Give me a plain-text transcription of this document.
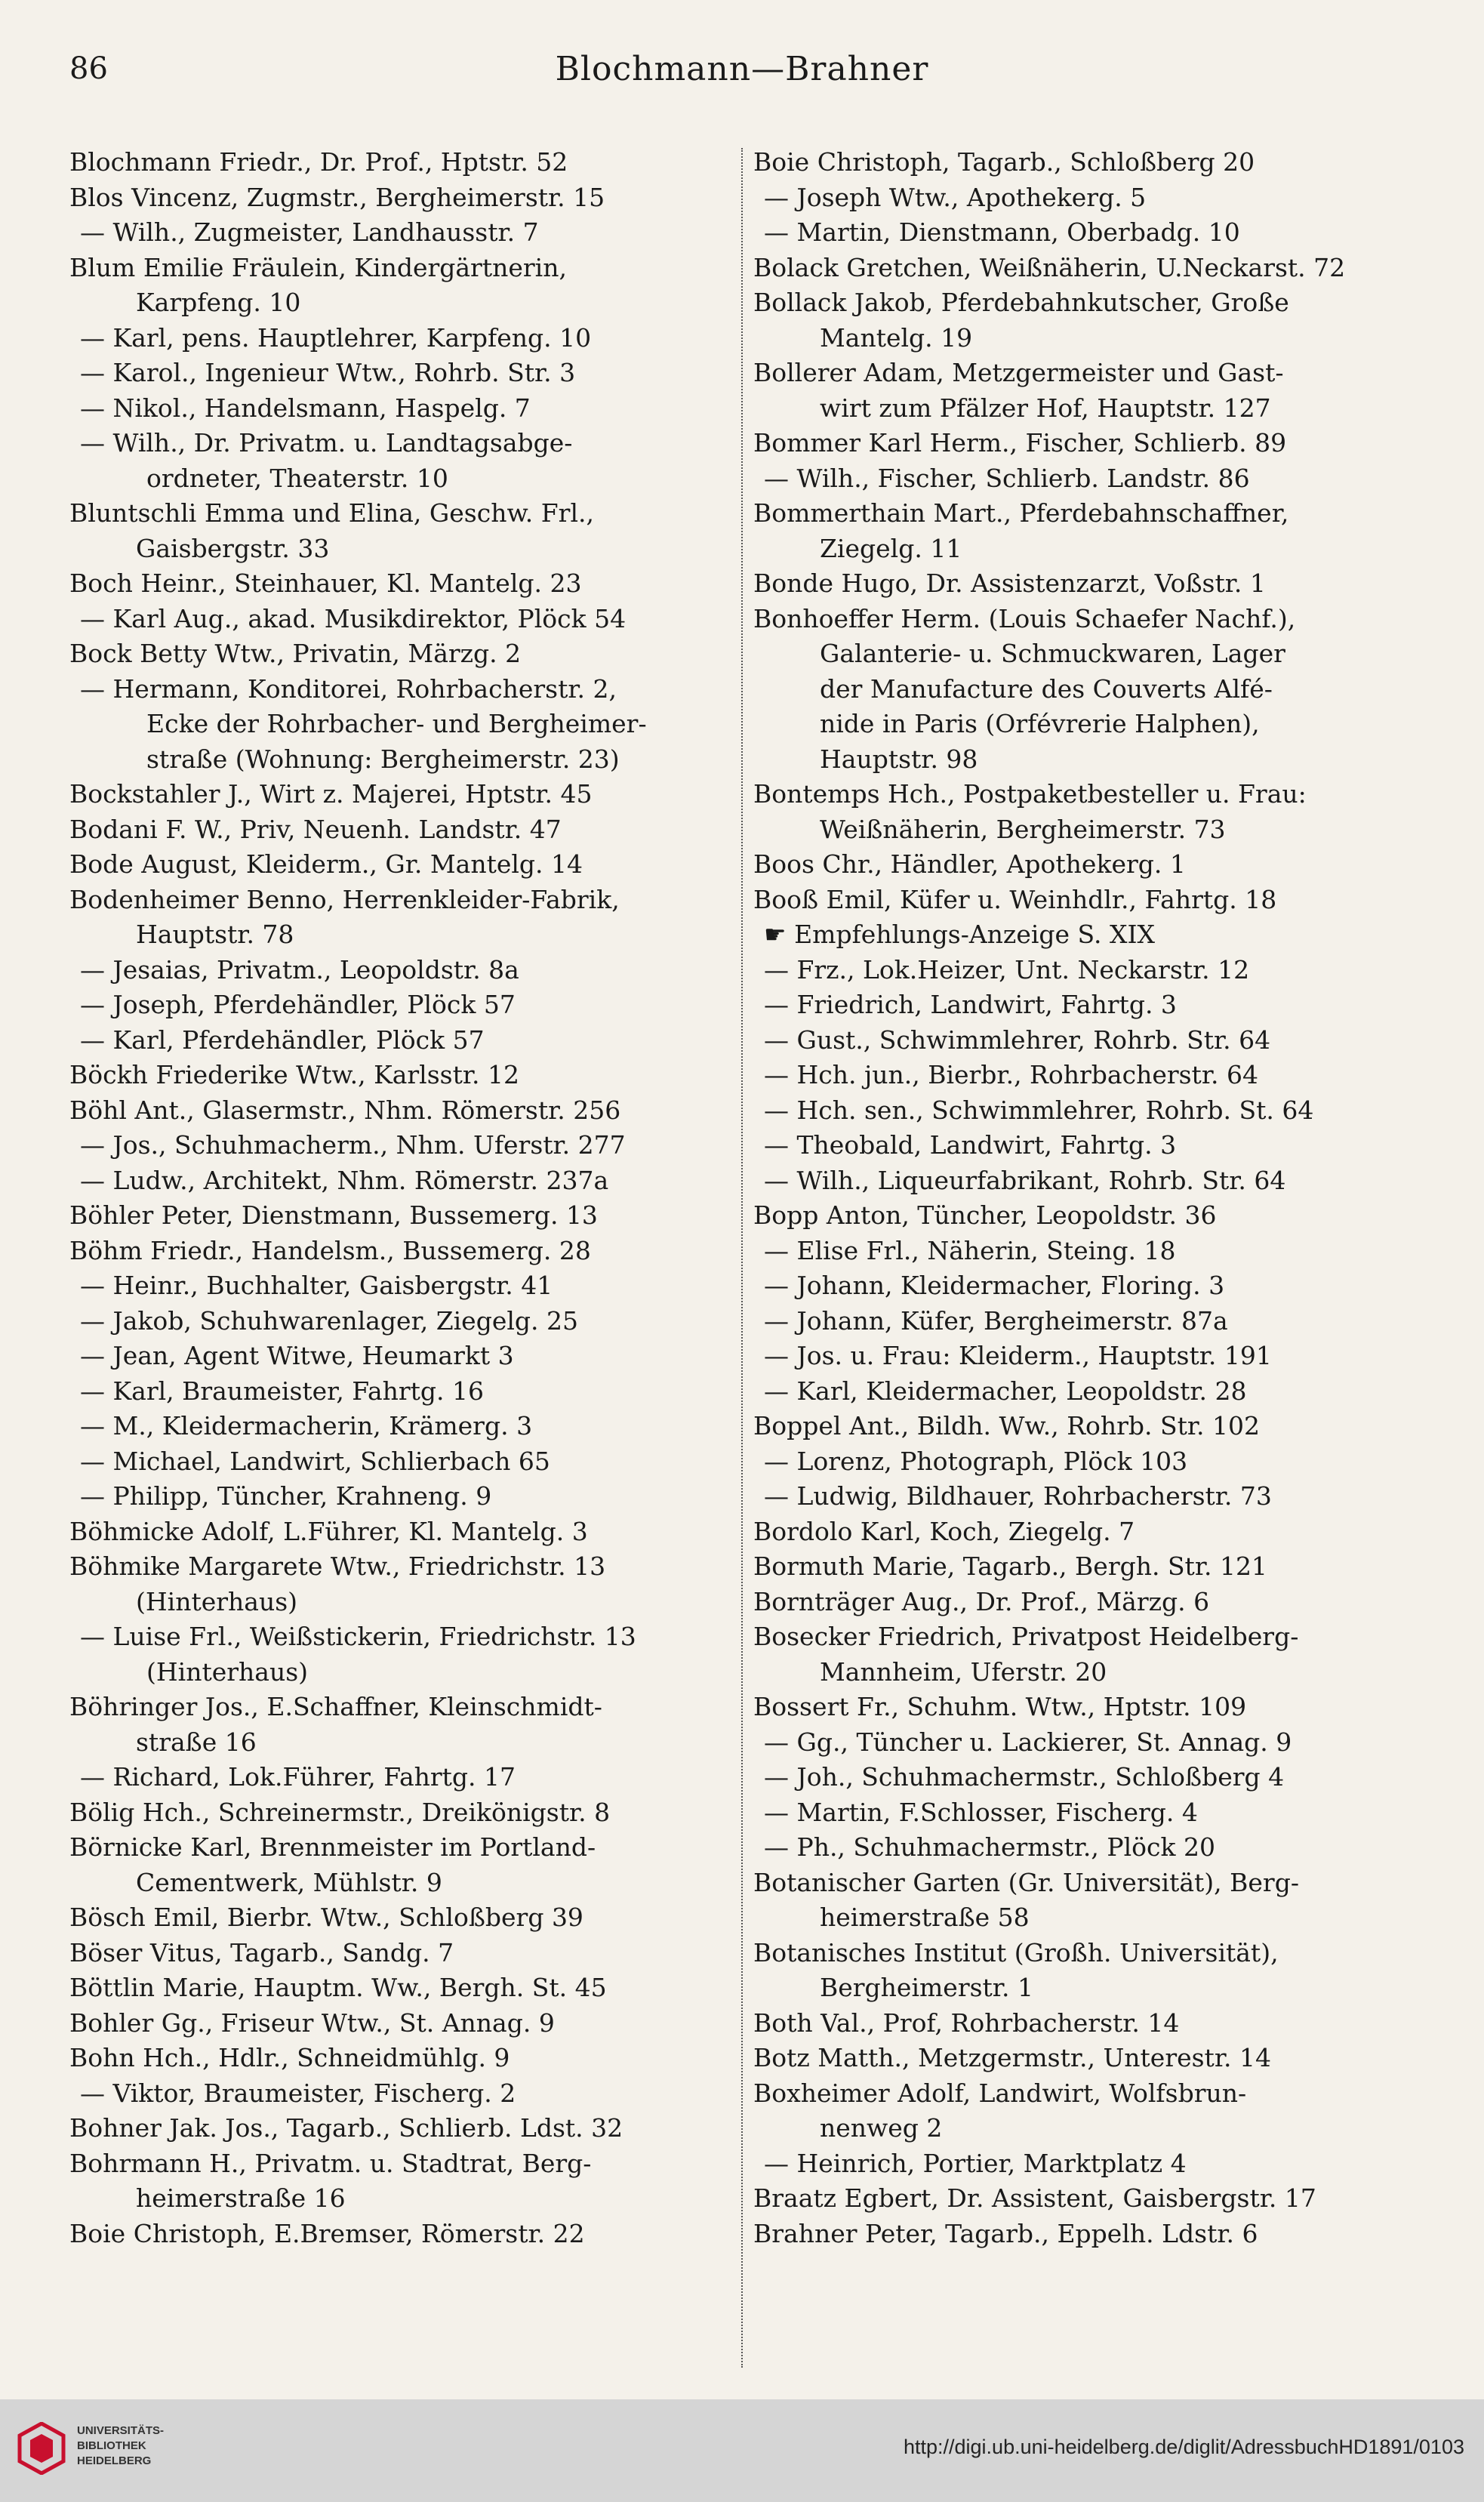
86	Blochmann—Brahner
Blochmann Friedr., Dr. Prof., Hptstr. 52
Blos Vincenz, Zugmstr., Bergheimerstr. 15
— Wilh., Zugmeister, Landhausstr. 7
Blum Emilie Fräulein, Kindergärtnerin,
Karpfeng. 10
— Karl, pens. Hauptlehrer, Karpfeng. 10
— Karol., Ingenieur Wtw., Rohrb. Str. 3
— Nikol., Handelsmann, Haspelg. 7
— Wilh., Dr. Privatm. u. Landtagsabge-
ordneter, Theaterstr. 10
Bluntschli Emma und Elina, Geschw. Frl.,
Gaisbergstr. 33
Boch Heinr., Steinhauer, Kl. Mantelg. 23
— Karl Aug., akad. Musikdirektor, Plöck 54
Bock Betty Wtw., Privatin, Märzg. 2
— Hermann, Konditorei, Rohrbacherstr. 2,
Ecke der Rohrbacher- und Bergheimer-
straße (Wohnung: Bergheimerstr. 23)
Bockstahler J., Wirt z. Majerei, Hptstr. 45
Bodani F. W., Priv, Neuenh. Landstr. 47
Bode August, Kleiderm., Gr. Mantelg. 14
Bodenheimer Benno, Herrenkleider-Fabrik,
Hauptstr. 78
— Jesaias, Privatm., Leopoldstr. 8a
— Joseph, Pferdehändler, Plöck 57
— Karl, Pferdehändler, Plöck 57
Böckh Friederike Wtw., Karlsstr. 12
Böhl Ant., Glasermstr., Nhm. Römerstr. 256
— Jos., Schuhmacherm., Nhm. Uferstr. 277
— Ludw., Architekt, Nhm. Römerstr. 237a
Böhler Peter, Dienstmann, Bussemerg. 13
Böhm Friedr., Handelsm., Bussemerg. 28
— Heinr., Buchhalter, Gaisbergstr. 41
— Jakob, Schuhwarenlager, Ziegelg. 25
— Jean, Agent Witwe, Heumarkt 3
— Karl, Braumeister, Fahrtg. 16
— M., Kleidermacherin, Krämerg. 3
— Michael, Landwirt, Schlierbach 65
— Philipp, Tüncher, Krahneng. 9
Böhmicke Adolf, L.Führer, Kl. Mantelg. 3
Böhmike Margarete Wtw., Friedrichstr. 13
(Hinterhaus)
— Luise Frl., Weißstickerin, Friedrichstr. 13
(Hinterhaus)
Böhringer Jos., E.Schaffner, Kleinschmidt-
straße 16
— Richard, Lok.Führer, Fahrtg. 17
Bölig Hch., Schreinermstr., Dreikönigstr. 8
Börnicke Karl, Brennmeister im Portland-
Cementwerk, Mühlstr. 9
Bösch Emil, Bierbr. Wtw., Schloßberg 39
Böser Vitus, Tagarb., Sandg. 7
Böttlin Marie, Hauptm. Ww., Bergh. St. 45
Bohler Gg., Friseur Wtw., St. Annag. 9
Bohn Hch., Hdlr., Schneidmühlg. 9
— Viktor, Braumeister, Fischerg. 2
Bohner Jak. Jos., Tagarb., Schlierb. Ldst. 32
Bohrmann H., Privatm. u. Stadtrat, Berg-
heimerstraße 16
Boie Christoph, E.Bremser, Römerstr. 22
Boie Christoph, Tagarb., Schloßberg 20
— Joseph Wtw., Apothekerg. 5
— Martin, Dienstmann, Oberbadg. 10
Bolack Gretchen, Weißnäherin, U.Neckarst. 72
Bollack Jakob, Pferdebahnkutscher, Große
Mantelg. 19
Bollerer Adam, Metzgermeister und Gast-
wirt zum Pfälzer Hof, Hauptstr. 127
Bommer Karl Herm., Fischer, Schlierb. 89
— Wilh., Fischer, Schlierb. Landstr. 86
Bommerthain Mart., Pferdebahnschaffner,
Ziegelg. 11
Bonde Hugo, Dr. Assistenzarzt, Voßstr. 1
Bonhoeffer Herm. (Louis Schaefer Nachf.),
Galanterie- u. Schmuckwaren, Lager
der Manufacture des Couverts Alfé-
nide in Paris (Orfévrerie Halphen),
Hauptstr. 98
Bontemps Hch., Postpaketbesteller u. Frau:
Weißnäherin, Bergheimerstr. 73
Boos Chr., Händler, Apothekerg. 1
Booß Emil, Küfer u. Weinhdlr., Fahrtg. 18
☛ Empfehlungs-Anzeige S. XIX
— Frz., Lok.Heizer, Unt. Neckarstr. 12
— Friedrich, Landwirt, Fahrtg. 3
— Gust., Schwimmlehrer, Rohrb. Str. 64
— Hch. jun., Bierbr., Rohrbacherstr. 64
— Hch. sen., Schwimmlehrer, Rohrb. St. 64
— Theobald, Landwirt, Fahrtg. 3
— Wilh., Liqueurfabrikant, Rohrb. Str. 64
Bopp Anton, Tüncher, Leopoldstr. 36
— Elise Frl., Näherin, Steing. 18
— Johann, Kleidermacher, Floring. 3
— Johann, Küfer, Bergheimerstr. 87a
— Jos. u. Frau: Kleiderm., Hauptstr. 191
— Karl, Kleidermacher, Leopoldstr. 28
Boppel Ant., Bildh. Ww., Rohrb. Str. 102
— Lorenz, Photograph, Plöck 103
— Ludwig, Bildhauer, Rohrbacherstr. 73
Bordolo Karl, Koch, Ziegelg. 7
Bormuth Marie, Tagarb., Bergh. Str. 121
Bornträger Aug., Dr. Prof., Märzg. 6
Bosecker Friedrich, Privatpost Heidelberg-
Mannheim, Uferstr. 20
Bossert Fr., Schuhm. Wtw., Hptstr. 109
— Gg., Tüncher u. Lackierer, St. Annag. 9
— Joh., Schuhmachermstr., Schloßberg 4
— Martin, F.Schlosser, Fischerg. 4
— Ph., Schuhmachermstr., Plöck 20
Botanischer Garten (Gr. Universität), Berg-
heimerstraße 58
Botanisches Institut (Großh. Universität),
Bergheimerstr. 1
Both Val., Prof, Rohrbacherstr. 14
Botz Matth., Metzgermstr., Unterestr. 14
Boxheimer Adolf, Landwirt, Wolfsbrun-
nenweg 2
— Heinrich, Portier, Marktplatz 4
Braatz Egbert, Dr. Assistent, Gaisbergstr. 17
Brahner Peter, Tagarb., Eppelh. Ldstr. 6
UNIVERSITÄTS-
BIBLIOTHEK
HEIDELBERG
http://digi.ub.uni-heidelberg.de/diglit/AdressbuchHD1891/0103
